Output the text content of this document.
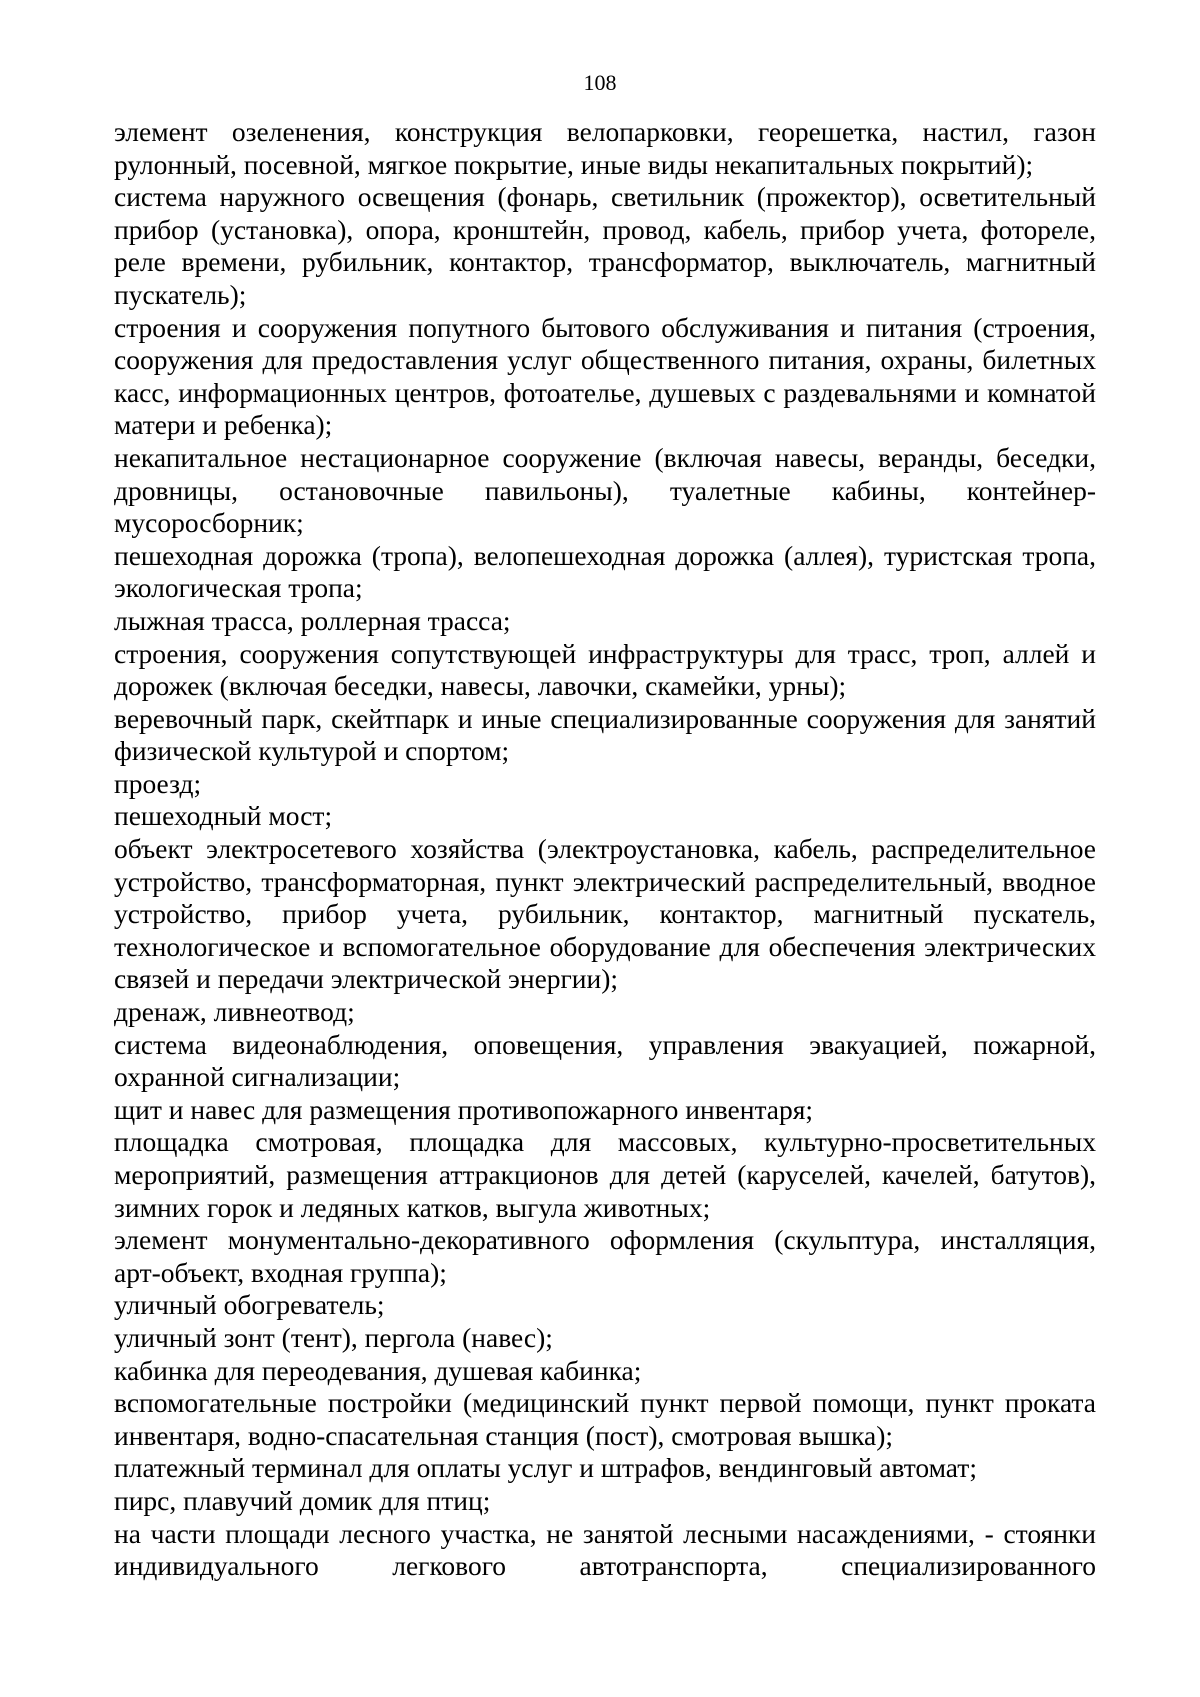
108

элемент озеленения, конструкция велопарковки, георешетка, настил, газон рулонный, посевной, мягкое покрытие, иные виды некапитальных покрытий);

система наружного освещения (фонарь, светильник (прожектор), осветительный прибор (установка), опора, кронштейн, провод, кабель, прибор учета, фотореле, реле времени, рубильник, контактор, трансформатор, выключатель, магнитный пускатель);

строения и сооружения попутного бытового обслуживания и питания (строения, сооружения для предоставления услуг общественного питания, охраны, билетных касс, информационных центров, фотоателье, душевых с раздевальнями и комнатой матери и ребенка);

некапитальное нестационарное сооружение (включая навесы, веранды, беседки, дровницы, остановочные павильоны), туалетные кабины, контейнер-мусоросборник;

пешеходная дорожка (тропа), велопешеходная дорожка (аллея), туристская тропа, экологическая тропа;

лыжная трасса, роллерная трасса;

строения, сооружения сопутствующей инфраструктуры для трасс, троп, аллей и дорожек (включая беседки, навесы, лавочки, скамейки, урны);

веревочный парк, скейтпарк и иные специализированные сооружения для занятий физической культурой и спортом;

проезд;

пешеходный мост;

объект электросетевого хозяйства (электроустановка, кабель, распределительное устройство, трансформаторная, пункт электрический распределительный, вводное устройство, прибор учета, рубильник, контактор, магнитный пускатель, технологическое и вспомогательное оборудование для обеспечения электрических связей и передачи электрической энергии);

дренаж, ливнеотвод;

система видеонаблюдения, оповещения, управления эвакуацией, пожарной, охранной сигнализации;

щит и навес для размещения противопожарного инвентаря;

площадка смотровая, площадка для массовых, культурно-просветительных мероприятий, размещения аттракционов для детей (каруселей, качелей, батутов), зимних горок и ледяных катков, выгула животных;

элемент монументально-декоративного оформления (скульптура, инсталляция, арт-объект, входная группа);

уличный обогреватель;

уличный зонт (тент), пергола (навес);

кабинка для переодевания, душевая кабинка;

вспомогательные постройки (медицинский пункт первой помощи, пункт проката инвентаря, водно-спасательная станция (пост), смотровая вышка);

платежный терминал для оплаты услуг и штрафов, вендинговый автомат;

пирс, плавучий домик для птиц;

на части площади лесного участка, не занятой лесными насаждениями, - стоянки индивидуального легкового автотранспорта, специализированного
